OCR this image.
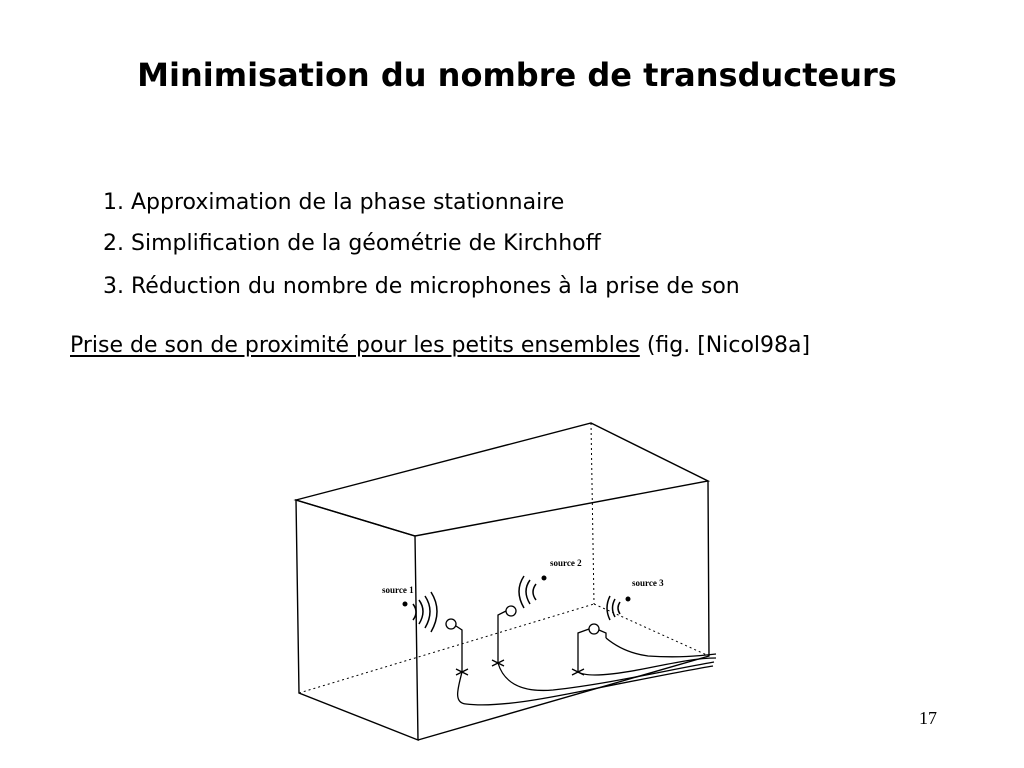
Minimisation du nombre de transducteurs
1. Approximation de la phase stationnaire
2. Simplification de la géométrie de Kirchhoff
3. Réduction du nombre de microphones à la prise de son
Prise de son de proximité pour les petits ensembles (fig. [Nicol98a]
source 1
source 2
source 3
17
